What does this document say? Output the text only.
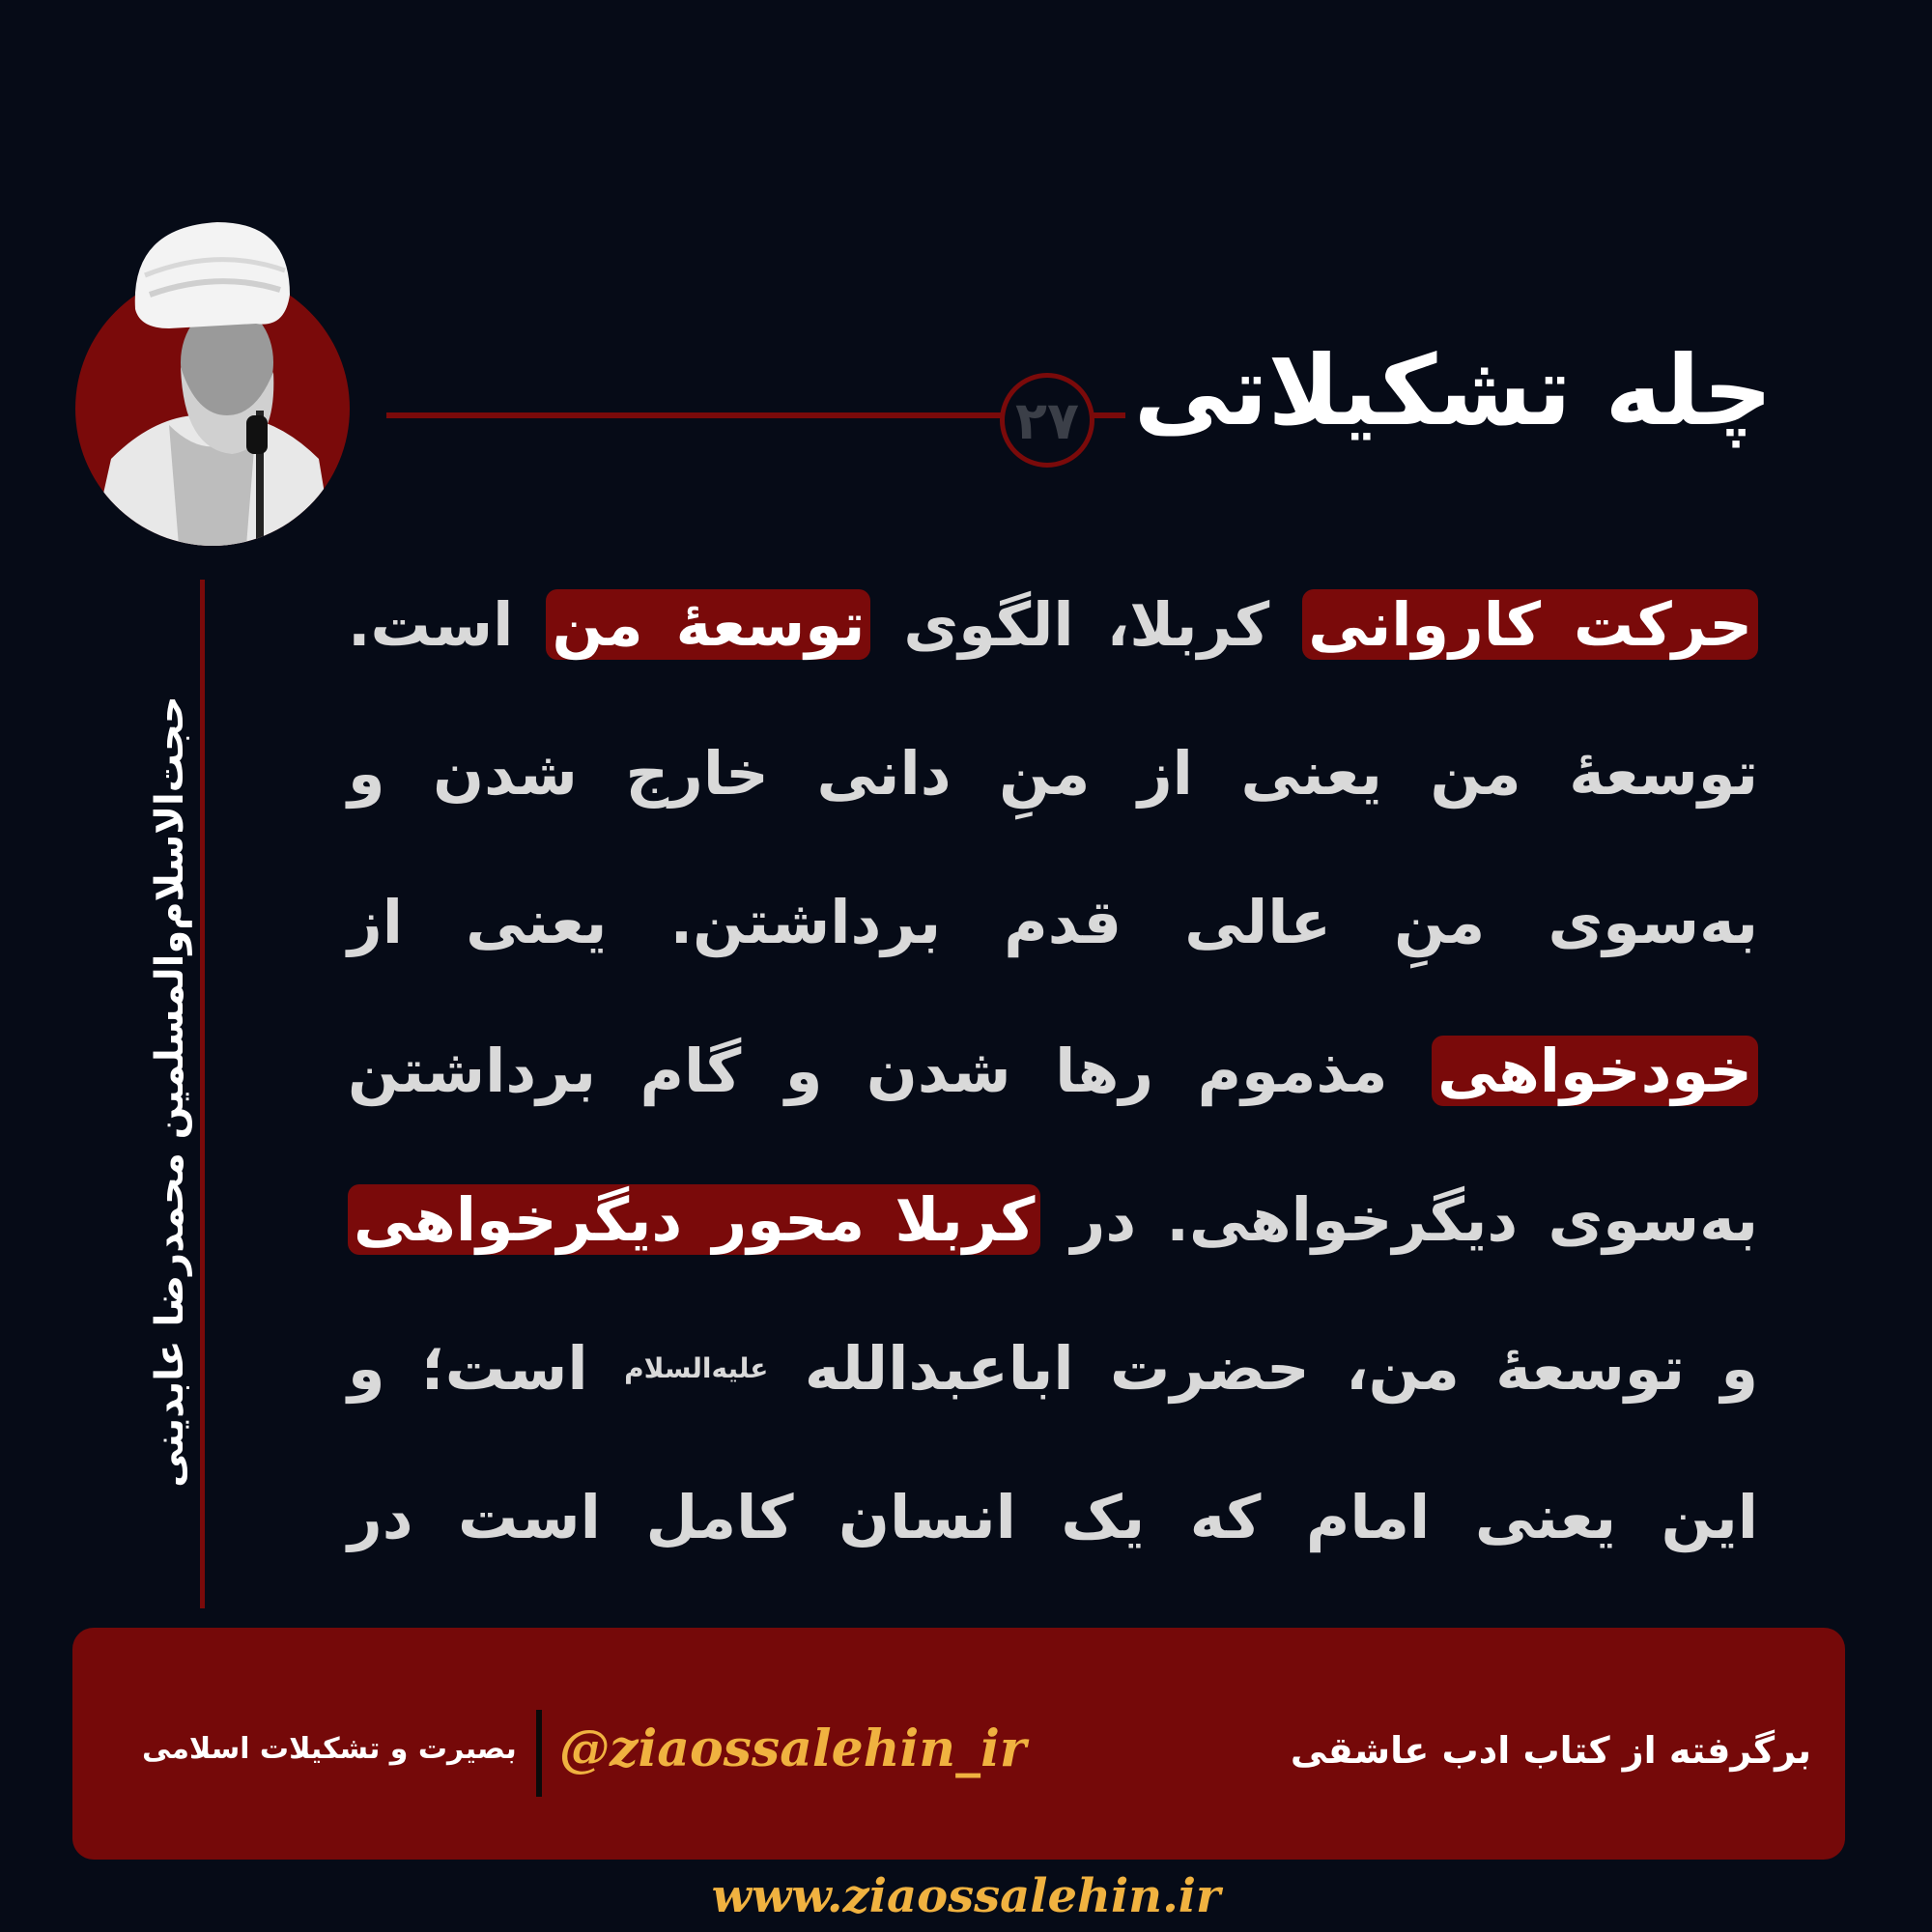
۲۷ چله تشکیلاتی
حجت‌الاسلام‌والمسلمین محمدرضا عابدینی
حرکت کاروانی کربلا، الگوی توسعۀ من است. توسعۀ من یعنی از منِ دانی خارج شدن و به‌سوی منِ عالی قدم برداشتن. یعنی از خودخواهی مذموم رها شدن و گام برداشتن به‌سوی دیگرخواهی. در کربلا محور دیگرخواهی و توسعۀ من، حضرت اباعبدالله $^{علیه‌السلام}$ است؛ و این یعنی امام که یک انسان کامل است در
برگرفته از کتاب ادب عاشقی
@ziaossalehin_ir
بصیرت و تشکیلات اسلامی
www.ziaossalehin.ir
